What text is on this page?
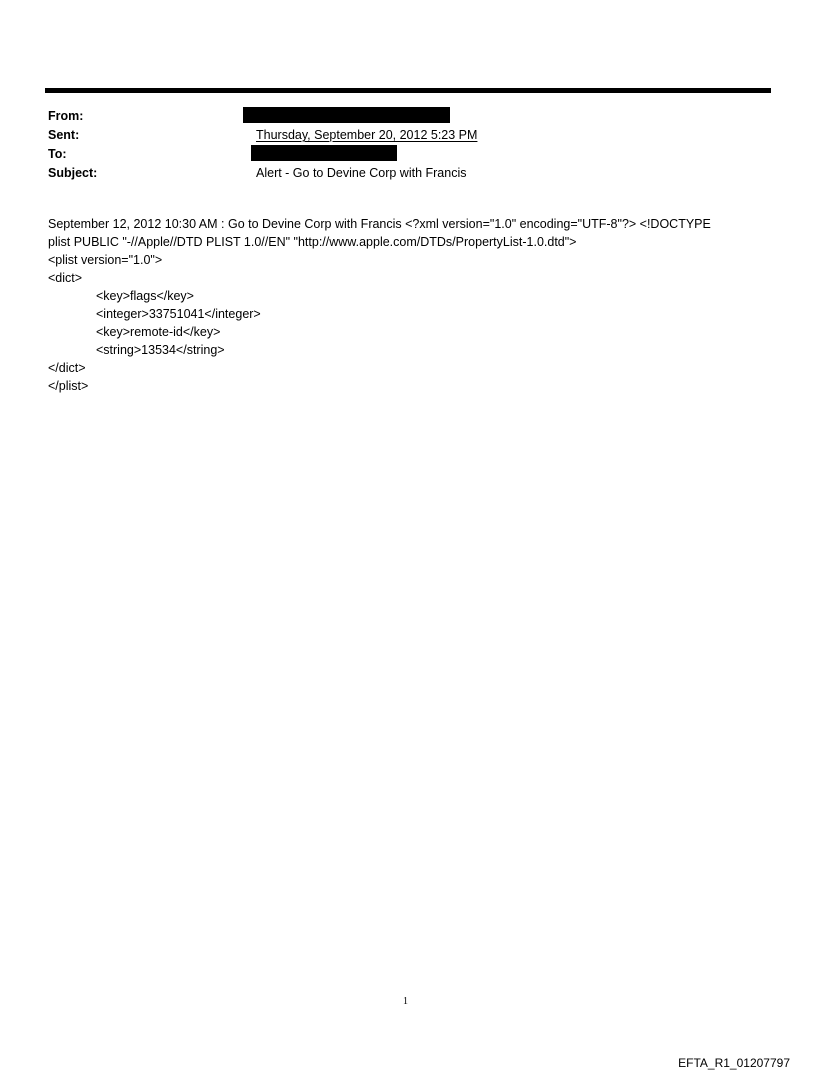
From:
Sent:	Thursday, September 20, 2012 5:23 PM
To:
Subject:	Alert - Go to Devine Corp with Francis
September 12, 2012 10:30 AM : Go to Devine Corp with Francis <?xml version="1.0" encoding="UTF-8"?> <!DOCTYPE
plist PUBLIC "-//Apple//DTD PLIST 1.0//EN" "http://www.apple.com/DTDs/PropertyList-1.0.dtd">
<plist version="1.0">
<dict>
<key>flags</key>
<integer>33751041</integer>
<key>remote-id</key>
<string>13534</string>
</dict>
</plist>
1
EFTA_R1_01207797
